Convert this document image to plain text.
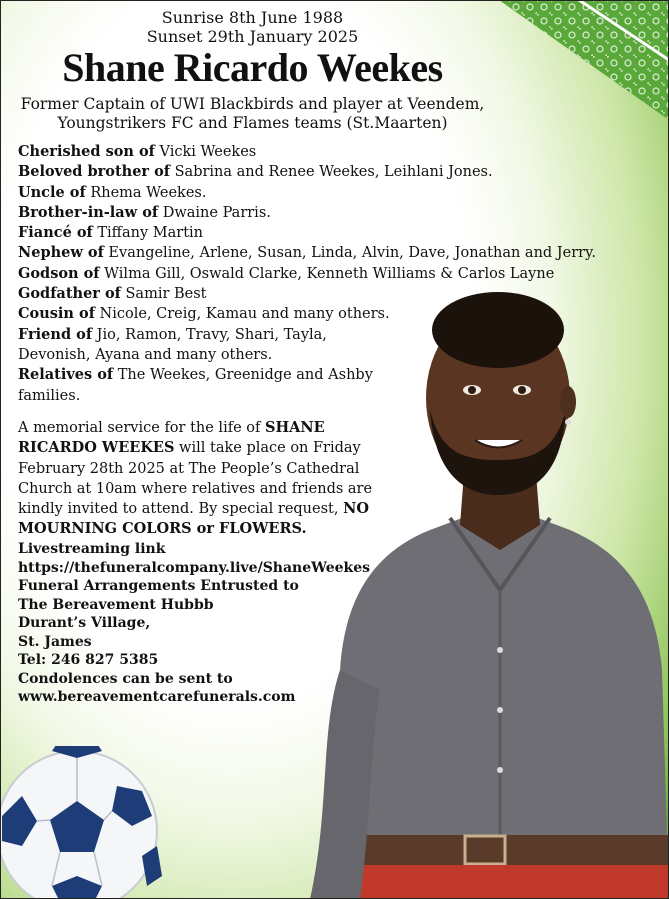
Sunrise 8th June 1988
Sunset 29th January 2025
Shane Ricardo Weekes
Former Captain of UWI Blackbirds and player at Veendem,
Youngstrikers FC and Flames teams (St.Maarten)
Cherished son of Vicki Weekes
Beloved brother of Sabrina and Renee Weekes, Leihlani Jones.
Uncle of Rhema Weekes.
Brother-in-law of Dwaine Parris.
Fiancé of Tiffany Martin
Nephew of Evangeline, Arlene, Susan, Linda, Alvin, Dave, Jonathan and Jerry.
Godson of Wilma Gill, Oswald Clarke, Kenneth Williams & Carlos Layne
Godfather of Samir Best
Cousin of Nicole, Creig, Kamau and many others.
Friend of Jio, Ramon, Travy, Shari, Tayla, Devonish, Ayana and many others.
Relatives of The Weekes, Greenidge and Ashby families.
A memorial service for the life of SHANE RICARDO WEEKES will take place on Friday February 28th 2025 at The People’s Cathedral Church at 10am where relatives and friends are kindly invited to attend. By special request, NO MOURNING COLORS or FLOWERS.
Livestreaming link
https://thefuneralcompany.live/ShaneWeekes
Funeral Arrangements Entrusted to
The Bereavement Hubbb
Durant’s Village,
St. James
Tel: 246 827 5385
Condolences can be sent to
www.bereavementcarefunerals.com
